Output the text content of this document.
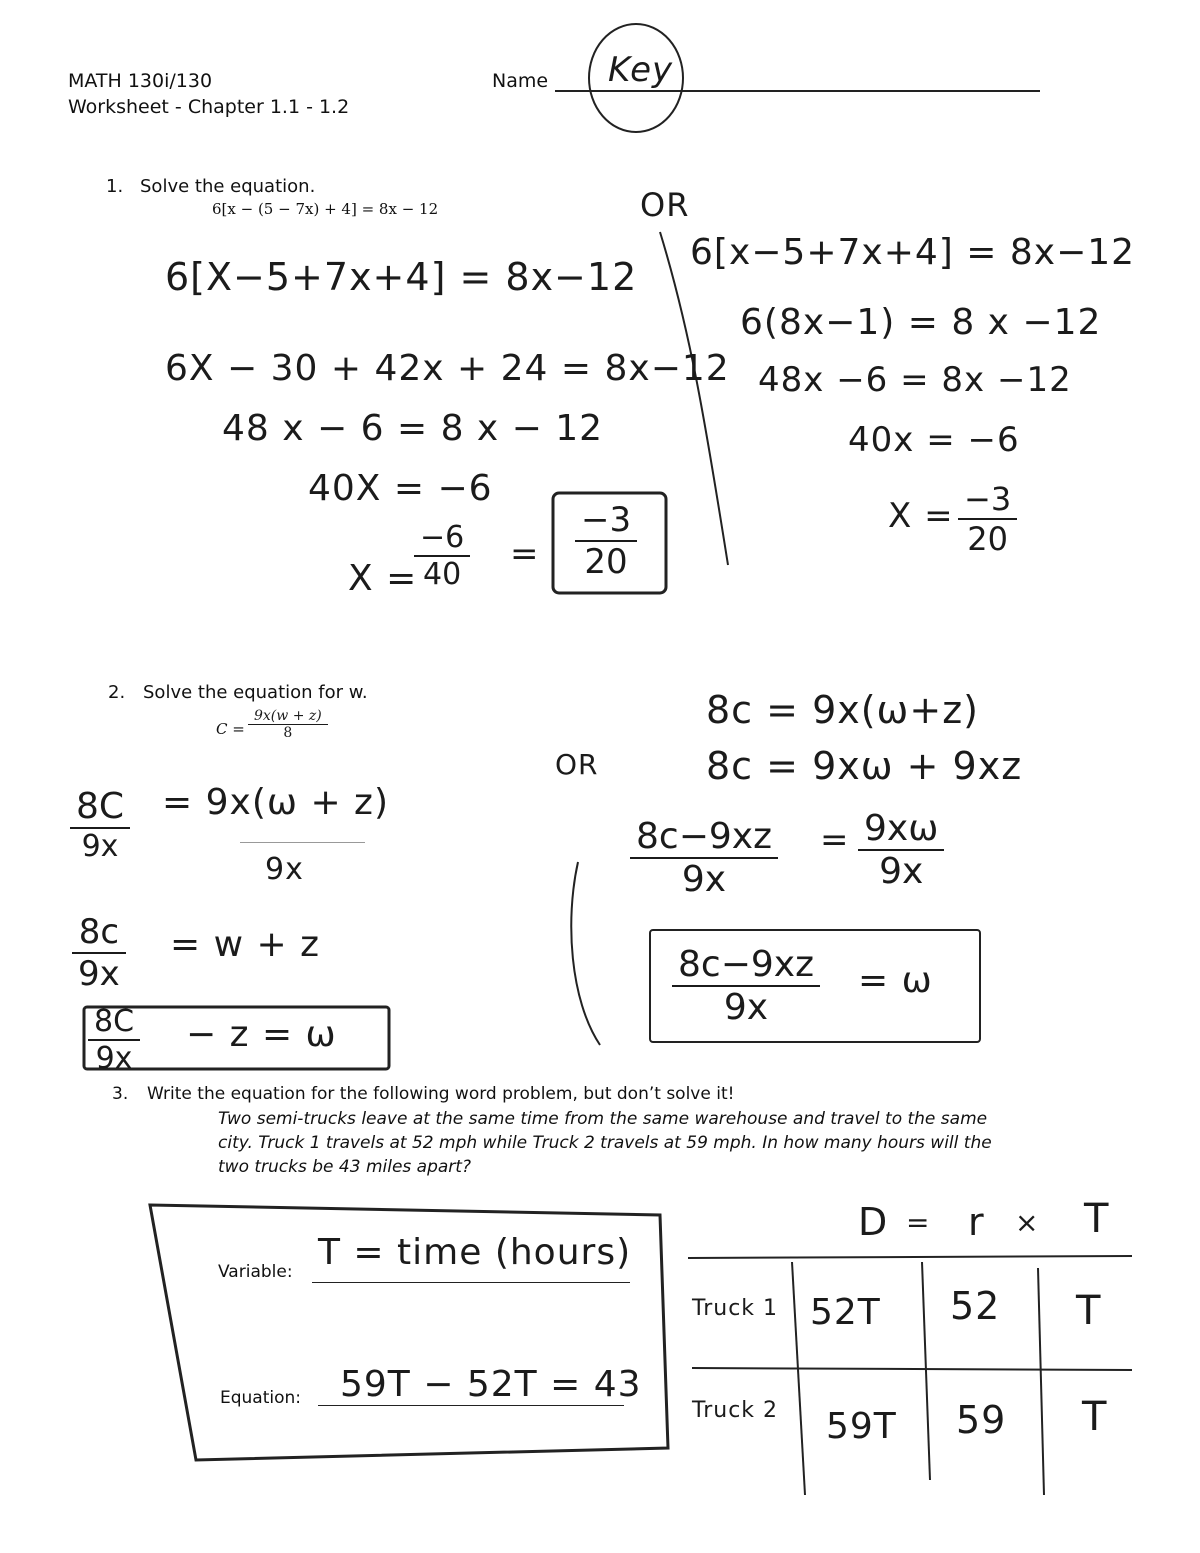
MATH 130i/130
Worksheet - Chapter 1.1 - 1.2
Name Key
1. Solve the equation.
6[x − (5 − 7x) + 4] = 8x − 12
6[X−5+7x+4] = 8x−12
6X − 30 + 42x + 24 = 8x−12
48 x − 6 = 8 x − 12
40X = −6
X =
$\frac{-6}{40} = \frac{-3}{20}$
OR
6[x−5+7x+4] = 8x−12
6(8x−1) = 8 x −12
48x −6 = 8x −12
40x = −6
$X = \frac{-3}{20}$
2. Solve the equation for w.
$C = \frac{9x(w + z)}{8}$
8C
9x
= 9x(ω + z)
9x
$\frac{8c}{9x} = w + z$
$\frac{8C}{9x} - z = \omega$
OR
8c = 9x(ω+z)
8c = 9xω + 9xz
$\frac{8c-9xz}{9x} = \frac{9x\omega}{9x}$
$\frac{8c-9xz}{9x} = \omega$
3. Write the equation for the following word problem, but don’t solve it!
Two semi-trucks leave at the same time from the same warehouse and travel to the same
city. Truck 1 travels at 52 mph while Truck 2 travels at 59 mph. In how many hours will the
two trucks be 43 miles apart?
Variable: T = time (hours)
Equation: 59T − 52T = 43
D = r × T
Truck 1 52T 52 T
Truck 2 59T 59 T
